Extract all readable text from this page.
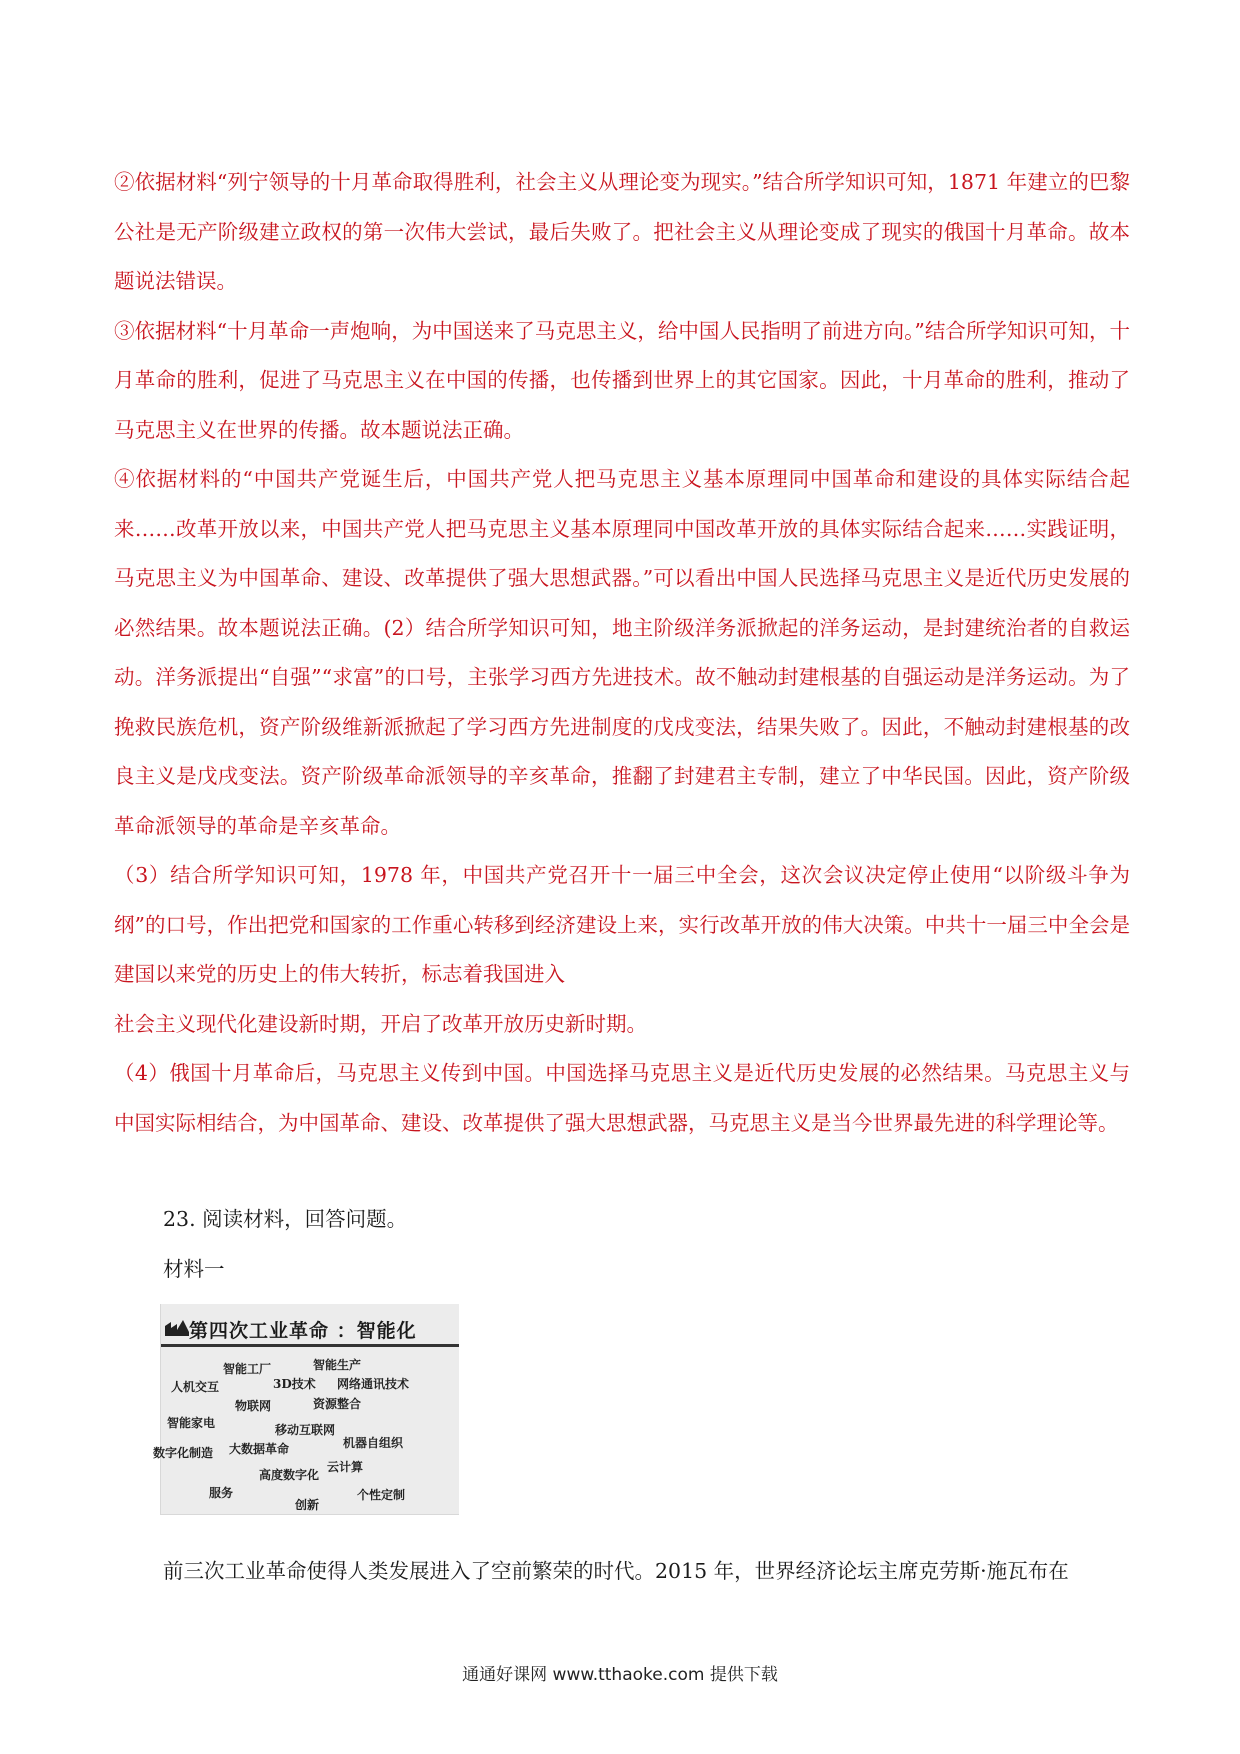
②依据材料“列宁领导的十月革命取得胜利，社会主义从理论变为现实。”结合所学知识可知，1871 年建立的巴黎公社是无产阶级建立政权的第一次伟大尝试，最后失败了。把社会主义从理论变成了现实的俄国十月革命。故本题说法错误。

③依据材料“十月革命一声炮响，为中国送来了马克思主义，给中国人民指明了前进方向。”结合所学知识可知，十月革命的胜利，促进了马克思主义在中国的传播，也传播到世界上的其它国家。因此，十月革命的胜利，推动了马克思主义在世界的传播。故本题说法正确。

④依据材料的“中国共产党诞生后，中国共产党人把马克思主义基本原理同中国革命和建设的具体实际结合起来……改革开放以来，中国共产党人把马克思主义基本原理同中国改革开放的具体实际结合起来……实践证明，马克思主义为中国革命、建设、改革提供了强大思想武器。”可以看出中国人民选择马克思主义是近代历史发展的必然结果。故本题说法正确。(2）结合所学知识可知，地主阶级洋务派掀起的洋务运动，是封建统治者的自救运动。洋务派提出“自强”“求富”的口号，主张学习西方先进技术。故不触动封建根基的自强运动是洋务运动。为了挽救民族危机，资产阶级维新派掀起了学习西方先进制度的戊戌变法，结果失败了。因此，不触动封建根基的改良主义是戊戌变法。资产阶级革命派领导的辛亥革命，推翻了封建君主专制，建立了中华民国。因此，资产阶级革命派领导的革命是辛亥革命。

（3）结合所学知识可知，1978 年，中国共产党召开十一届三中全会，这次会议决定停止使用“以阶级斗争为纲”的口号，作出把党和国家的工作重心转移到经济建设上来，实行改革开放的伟大决策。中共十一届三中全会是建国以来党的历史上的伟大转折，标志着我国进入

社会主义现代化建设新时期，开启了改革开放历史新时期。

（4）俄国十月革命后，马克思主义传到中国。中国选择马克思主义是近代历史发展的必然结果。马克思主义与中国实际相结合，为中国革命、建设、改革提供了强大思想武器，马克思主义是当今世界最先进的科学理论等。

23. 阅读材料，回答问题。

材料一

第四次工业革命 ：智能化
智能工厂	智能生产
人机交互	3D技术 网络通讯技术
物联网	资源整合
智能家电	移动互联网
数字化制造 大数据革命	机器自组织
云计算
高度数字化
服务	个性定制
创新
前三次工业革命使得人类发展进入了空前繁荣的时代。2015 年，世界经济论坛主席克劳斯·施瓦布在
通通好课网 www.tthaoke.com 提供下载
